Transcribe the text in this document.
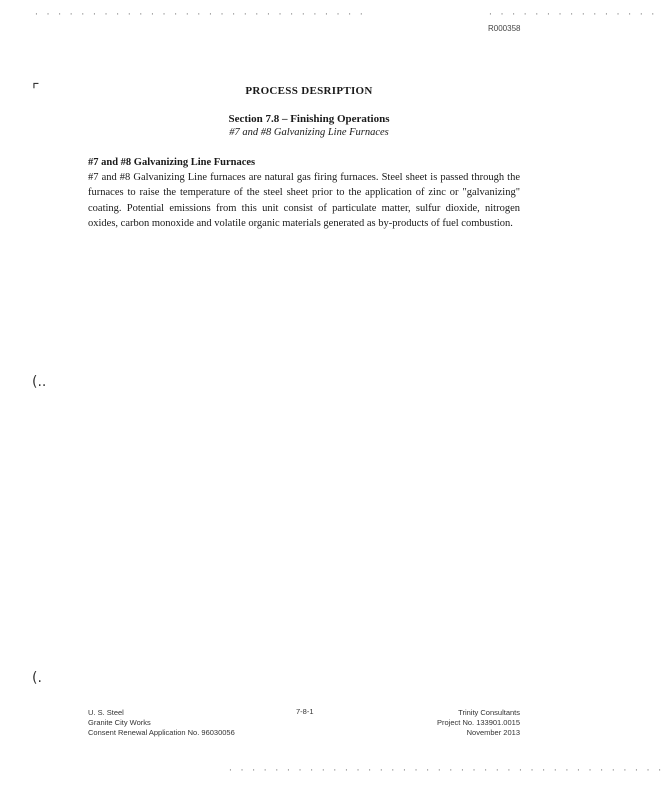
· · · · · · · · · · · · · · · · · · · · · · · · · · · · ·	· · · · · · · · · · · · · · ·
R000358
⌜
(..
(.
PROCESS DESRIPTION
Section 7.8 – Finishing Operations
#7 and #8 Galvanizing Line Furnaces
#7 and #8 Galvanizing Line Furnaces
#7 and #8 Galvanizing Line furnaces are natural gas firing furnaces. Steel sheet is passed through the furnaces to raise the temperature of the steel sheet prior to the application of zinc or "galvanizing" coating. Potential emissions from this unit consist of particulate matter, sulfur dioxide, nitrogen oxides, carbon monoxide and volatile organic materials generated as by-products of fuel combustion.
U. S. Steel
Granite City Works
Consent Renewal Application No. 96030056
7-8-1	Trinity Consultants
Project No. 133901.0015
November 2013
· · · · · · · · · · · · · · · · · · · · · · · · · · · · · · · · · · · · · ·
